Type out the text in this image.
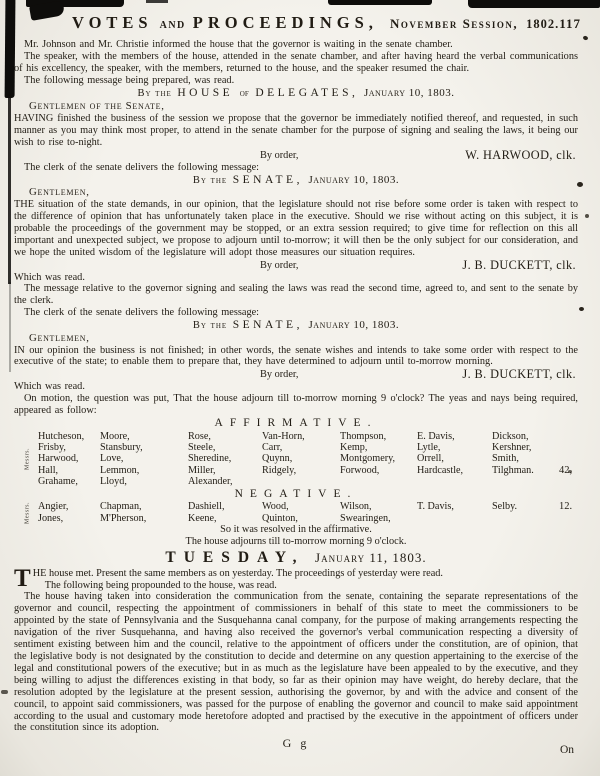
VOTES AND PROCEEDINGS, November Session, 1802. 117
Mr. Johnson and Mr. Christie informed the house that the governor is waiting in the senate chamber.
The speaker, with the members of the house, attended in the senate chamber, and after having heard the verbal communications of his excellency, the speaker, with the members, returned to the house, and the speaker resumed the chair.
The following message being prepared, was read.
By the HOUSE of DELEGATES, January 10, 1803.
Gentlemen of the Senate,
HAVING finished the business of the session we propose that the governor be immediately notified thereof, and requested, in such manner as you may think most proper, to attend in the senate chamber for the purpose of signing and sealing the laws, it being our wish to rise to-night.
By order,	W. HARWOOD, clk.
The clerk of the senate delivers the following message:
By the SENATE, January 10, 1803.
Gentlemen,
THE situation of the state demands, in our opinion, that the legislature should not rise before some order is taken with respect to the difference of opinion that has unfortunately taken place in the executive. Should we rise without acting on this subject, it is probable the proceedings of the government may be stopped, or an extra session required; to give time for reflection on this all important and unexpected subject, we propose to adjourn until to-morrow; it will then be the only subject for our consideration, and we hope the united wisdom of the legislature will adopt those measures our situation requires.
By order,	J. B. DUCKETT, clk.
Which was read.
The message relative to the governor signing and sealing the laws was read the second time, agreed to, and sent to the senate by the clerk.
The clerk of the senate delivers the following message:
By the SENATE, January 10, 1803.
Gentlemen,
IN our opinion the business is not finished; in other words, the senate wishes and intends to take some order with respect to the executive of the state; to enable them to prepare that, they have determined to adjourn until to-morrow morning.
By order,	J. B. DUCKETT, clk.
Which was read.
On motion, the question was put, That the house adjourn till to-morrow morning 9 o'clock? The yeas and nays being required, appeared as follow:
AFFIRMATIVE.
Messrs.
Hutcheson,	Moore,	Rose,	Van-Horn,	Thompson,	E. Davis,	Dickson,
Frisby,	Stansbury,	Steele,	Carr,	Kemp,	Lytle,	Kershner,
Harwood,	Love,	Sheredine,	Quynn,	Montgomery,	Orrell,	Smith,
Hall,	Lemmon,	Miller,	Ridgely,	Forwood,	Hardcastle,	Tilghman.	42,
Grahame,	Lloyd,	Alexander,
NEGATIVE.
Messrs. Angier,	Chapman,	Dashiell,	Wood,	Wilson,	T. Davis,	Selby.	12.
Jones,	M'Pherson,	Keene,	Quinton,	Swearingen,
So it was resolved in the affirmative.
The house adjourns till to-morrow morning 9 o'clock.
TUESDAY, January 11, 1803.
T HE house met. Present the same members as on yesterday. The proceedings of yesterday were read.
The following being propounded to the house, was read.
The house having taken into consideration the communication from the senate, containing the separate representations of the governor and council, respecting the appointment of commissioners in behalf of this state to meet the commissioners to be appointed by the state of Pennsylvania and the Susquehanna canal company, for the purpose of making arrangements respecting the navigation of the river Susquehanna, and having also received the governor's verbal communication respecting a diversity of sentiment existing between him and the council, relative to the appointment of officers under the constitution, are of opinion, that the legislative body is not designated by the constitution to decide and determine on any question appertaining to the exercise of the legal and constitutional powers of the executive; but in as much as the legislature have been appealed to by the executive, and they being willing to adjust the differences existing in that body, so far as their opinion may have weight, do hereby declare, that the resolution adopted by the legislature at the present session, authorising the governor, by and with the advice and consent of the council, to appoint said commissioners, was passed for the purpose of enabling the governor and council to make said appointment according to the usual and customary mode heretofore adopted and practised by the executive in the appointment of officers under the constitution since its adoption.
G g	On
